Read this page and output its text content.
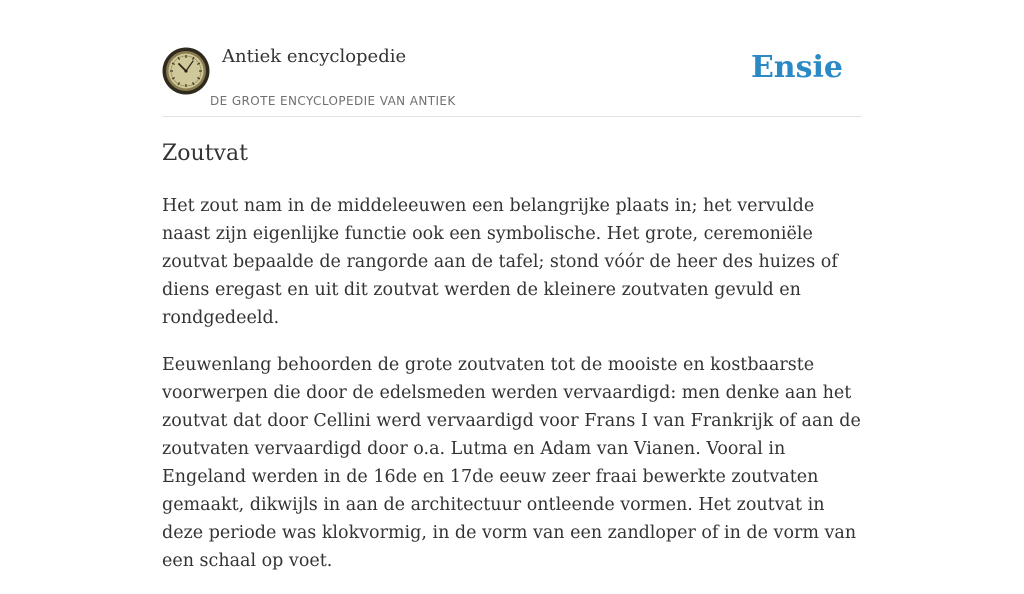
Antiek encyclopedie
DE GROTE ENCYCLOPEDIE VAN ANTIEK
Ensie
Zoutvat

Het zout nam in de middeleeuwen een belangrijke plaats in; het vervulde naast zijn eigenlijke functie ook een symbolische. Het grote, ceremoniële zoutvat bepaalde de rangorde aan de tafel; stond vóór de heer des huizes of diens eregast en uit dit zoutvat werden de kleinere zoutvaten gevuld en rondgedeeld.

Eeuwenlang behoorden de grote zoutvaten tot de mooiste en kostbaarste voorwerpen die door de edelsmeden werden vervaardigd: men denke aan het zoutvat dat door Cellini werd vervaardigd voor Frans I van Frankrijk of aan de zoutvaten vervaardigd door o.a. Lutma en Adam van Vianen. Vooral in Engeland werden in de 16de en 17de eeuw zeer fraai bewerkte zoutvaten gemaakt, dikwijls in aan de architectuur ontleende vormen. Het zoutvat in deze periode was klokvormig, in de vorm van een zandloper of in de vorm van een schaal op voet.
